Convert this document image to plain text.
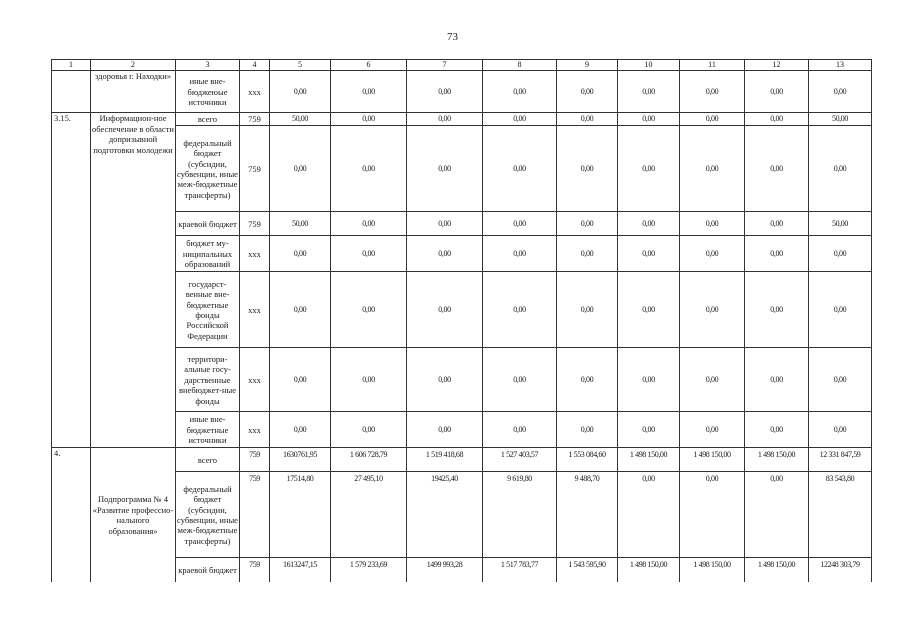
73
1	2	3	4	5	6	7	8	9	10	11	12	13
	здоровья г. Находки»	иные вне-бюджеюые источники	xxx	0,00	0,00	0,00	0,00	0,00	0,00	0,00	0,00	0,00
3.15.	Информацион-ное обеспечение в области допризывной подготовки молодежи	всего	759	50,00	0,00	0,00	0,00	0,00	0,00	0,00	0,00	50,00
		федеральный бюджет (субсидии, субвенции, иные меж-бюджетные трансферты)	759	0,00	0,00	0,00	0,00	0,00	0,00	0,00	0,00	0,00
		краевой бюджет	759	50,00	0,00	0,00	0,00	0,00	0,00	0,00	0,00	50,00
		бюджет му-ниципальных образований	xxx	0,00	0,00	0,00	0,00	0,00	0,00	0,00	0,00	0,00
		государст-венные вне-бюджетные фонды Российской Федерации	xxx	0,00	0,00	0,00	0,00	0,00	0,00	0,00	0,00	0,00
		территори-альные госу-дарственные внебюджет-ные фонды	xxx	0,00	0,00	0,00	0,00	0,00	0,00	0,00	0,00	0,00
		иные вне-бюджетные источники	xxx	0,00	0,00	0,00	0,00	0,00	0,00	0,00	0,00	0,00
4.	Подпрограмма № 4 «Развитие профессио-нального образования»	всего	759	1630761,95	1 606 728,79	1 519 418,68	1 527 403,57	1 553 084,60	1 498 150,00	1 498 150,00	1 498 150,00	12 331 847,59
		федеральный бюджет (субсидии, субвенции, иные меж-бюджетные трансферты)	759	17514,80	27 495,10	19425,40	9 619,80	9 488,70	0,00	0,00	0,00	83 543,80
		краевой бюджет	759	1613247,15	1 579 233,69	1499 993,28	1 517 783,77	1 543 595,90	1 498 150,00	1 498 150,00	1 498 150,00	12248 303,79
